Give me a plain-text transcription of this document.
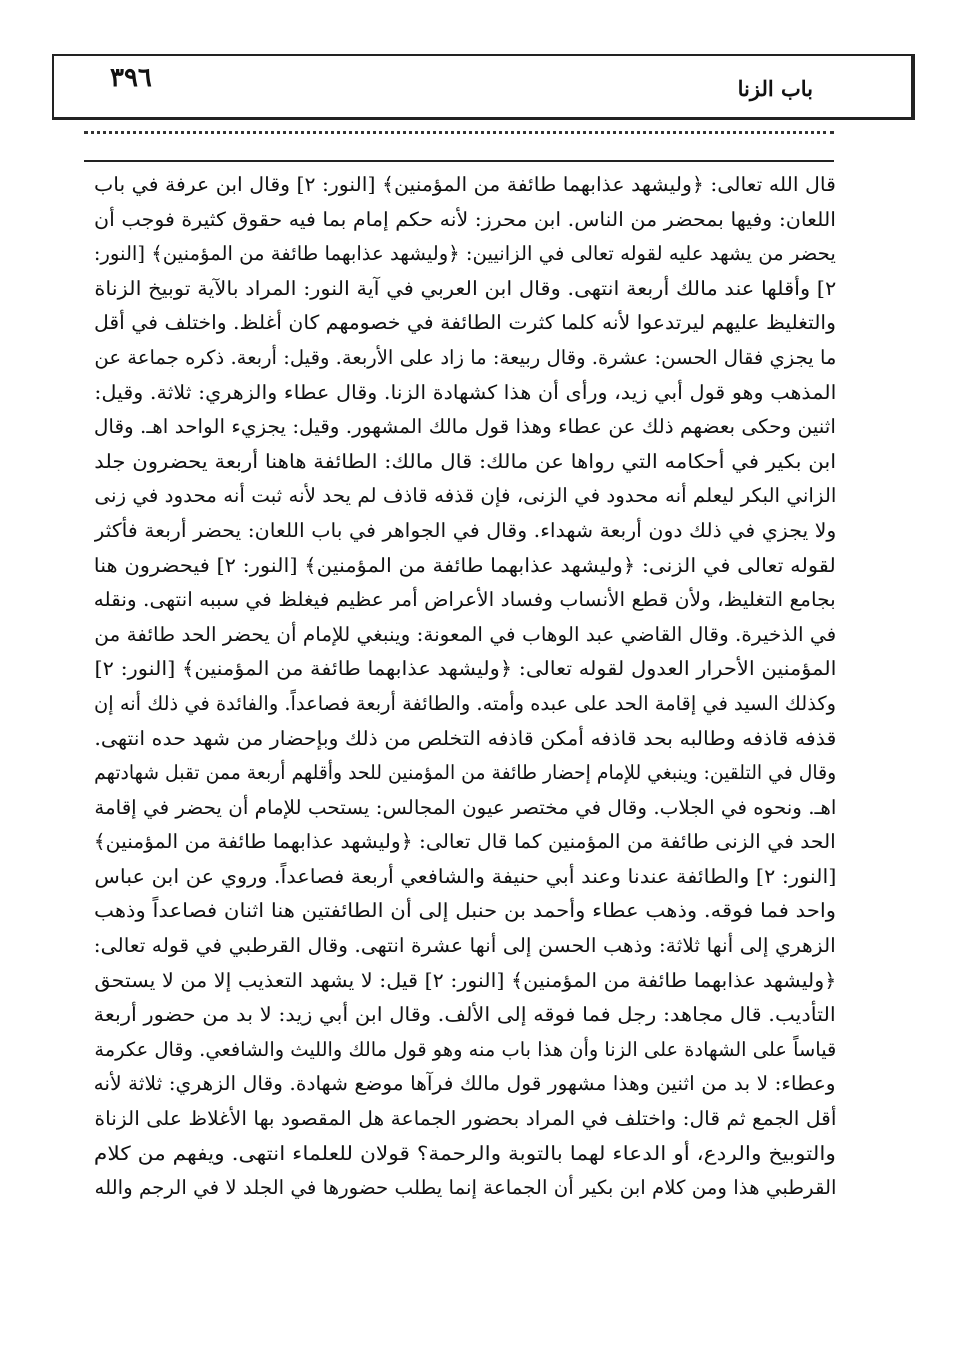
٣٩٦	باب الزنا
قال الله تعالى: ﴿وليشهد عذابهما طائفة من المؤمنين﴾ [النور: ٢] وقال ابن عرفة في باب
اللعان: وفيها بمحضر من الناس. ابن محرز: لأنه حكم إمام بما فيه حقوق كثيرة فوجب أن
يحضر من يشهد عليه لقوله تعالى في الزانيين: ﴿وليشهد عذابهما طائفة من المؤمنين﴾ [النور:
٢] وأقلها عند مالك أربعة انتهى. وقال ابن العربي في آية النور: المراد بالآية توبيخ الزناة
والتغليظ عليهم ليرتدعوا لأنه كلما كثرت الطائفة في خصومهم كان أغلظ. واختلف في أقل
ما يجزي فقال الحسن: عشرة. وقال ربيعة: ما زاد على الأربعة. وقيل: أربعة. ذكره جماعة عن
المذهب وهو قول أبي زيد، ورأى أن هذا كشهادة الزنا. وقال عطاء والزهري: ثلاثة. وقيل:
اثنين وحكى بعضهم ذلك عن عطاء وهذا قول مالك المشهور. وقيل: يجزيء الواحد اهـ. وقال
ابن بكير في أحكامه التي رواها عن مالك: قال مالك: الطائفة هاهنا أربعة يحضرون جلد
الزاني البكر ليعلم أنه محدود في الزنى، فإن قذفه قاذف لم يحد لأنه ثبت أنه محدود في زنى
ولا يجزي في ذلك دون أربعة شهداء. وقال في الجواهر في باب اللعان: يحضر أربعة فأكثر
لقوله تعالى في الزنى: ﴿وليشهد عذابهما طائفة من المؤمنين﴾ [النور: ٢] فيحضرون هنا
بجامع التغليظ، ولأن قطع الأنساب وفساد الأعراض أمر عظيم فيغلظ في سببه انتهى. ونقله
في الذخيرة. وقال القاضي عبد الوهاب في المعونة: وينبغي للإمام أن يحضر الحد طائفة من
المؤمنين الأحرار العدول لقوله تعالى: ﴿وليشهد عذابهما طائفة من المؤمنين﴾ [النور: ٢]
وكذلك السيد في إقامة الحد على عبده وأمته. والطائفة أربعة فصاعداً. والفائدة في ذلك أنه إن
قذفه قاذفه وطالبه بحد قاذفه أمكن قاذفه التخلص من ذلك وبإحضار من شهد حده انتهى.
وقال في التلقين: وينبغي للإمام إحضار طائفة من المؤمنين للحد وأقلهم أربعة ممن تقبل شهادتهم
اهـ. ونحوه في الجلاب. وقال في مختصر عيون المجالس: يستحب للإمام أن يحضر في إقامة
الحد في الزنى طائفة من المؤمنين كما قال تعالى: ﴿وليشهد عذابهما طائفة من المؤمنين﴾
[النور: ٢] والطائفة عندنا وعند أبي حنيفة والشافعي أربعة فصاعداً. وروي عن ابن عباس
واحد فما فوقه. وذهب عطاء وأحمد بن حنبل إلى أن الطائفتين هنا اثنان فصاعداً وذهب
الزهري إلى أنها ثلاثة: وذهب الحسن إلى أنها عشرة انتهى. وقال القرطبي في قوله تعالى:
﴿وليشهد عذابهما طائفة من المؤمنين﴾ [النور: ٢] قيل: لا يشهد التعذيب إلا من لا يستحق
التأديب. قال مجاهد: رجل فما فوقه إلى الألف. وقال ابن أبي زيد: لا بد من حضور أربعة
قياساً على الشهادة على الزنا وأن هذا باب منه وهو قول مالك والليث والشافعي. وقال عكرمة
وعطاء: لا بد من اثنين وهذا مشهور قول مالك فرآها موضع شهادة. وقال الزهري: ثلاثة لأنه
أقل الجمع ثم قال: واختلف في المراد بحضور الجماعة هل المقصود بها الأغلاظ على الزناة
والتوبيخ والردع، أو الدعاء لهما بالتوبة والرحمة؟ قولان للعلماء انتهى. ويفهم من كلام
القرطبي هذا ومن كلام ابن بكير أن الجماعة إنما يطلب حضورها في الجلد لا في الرجم والله
